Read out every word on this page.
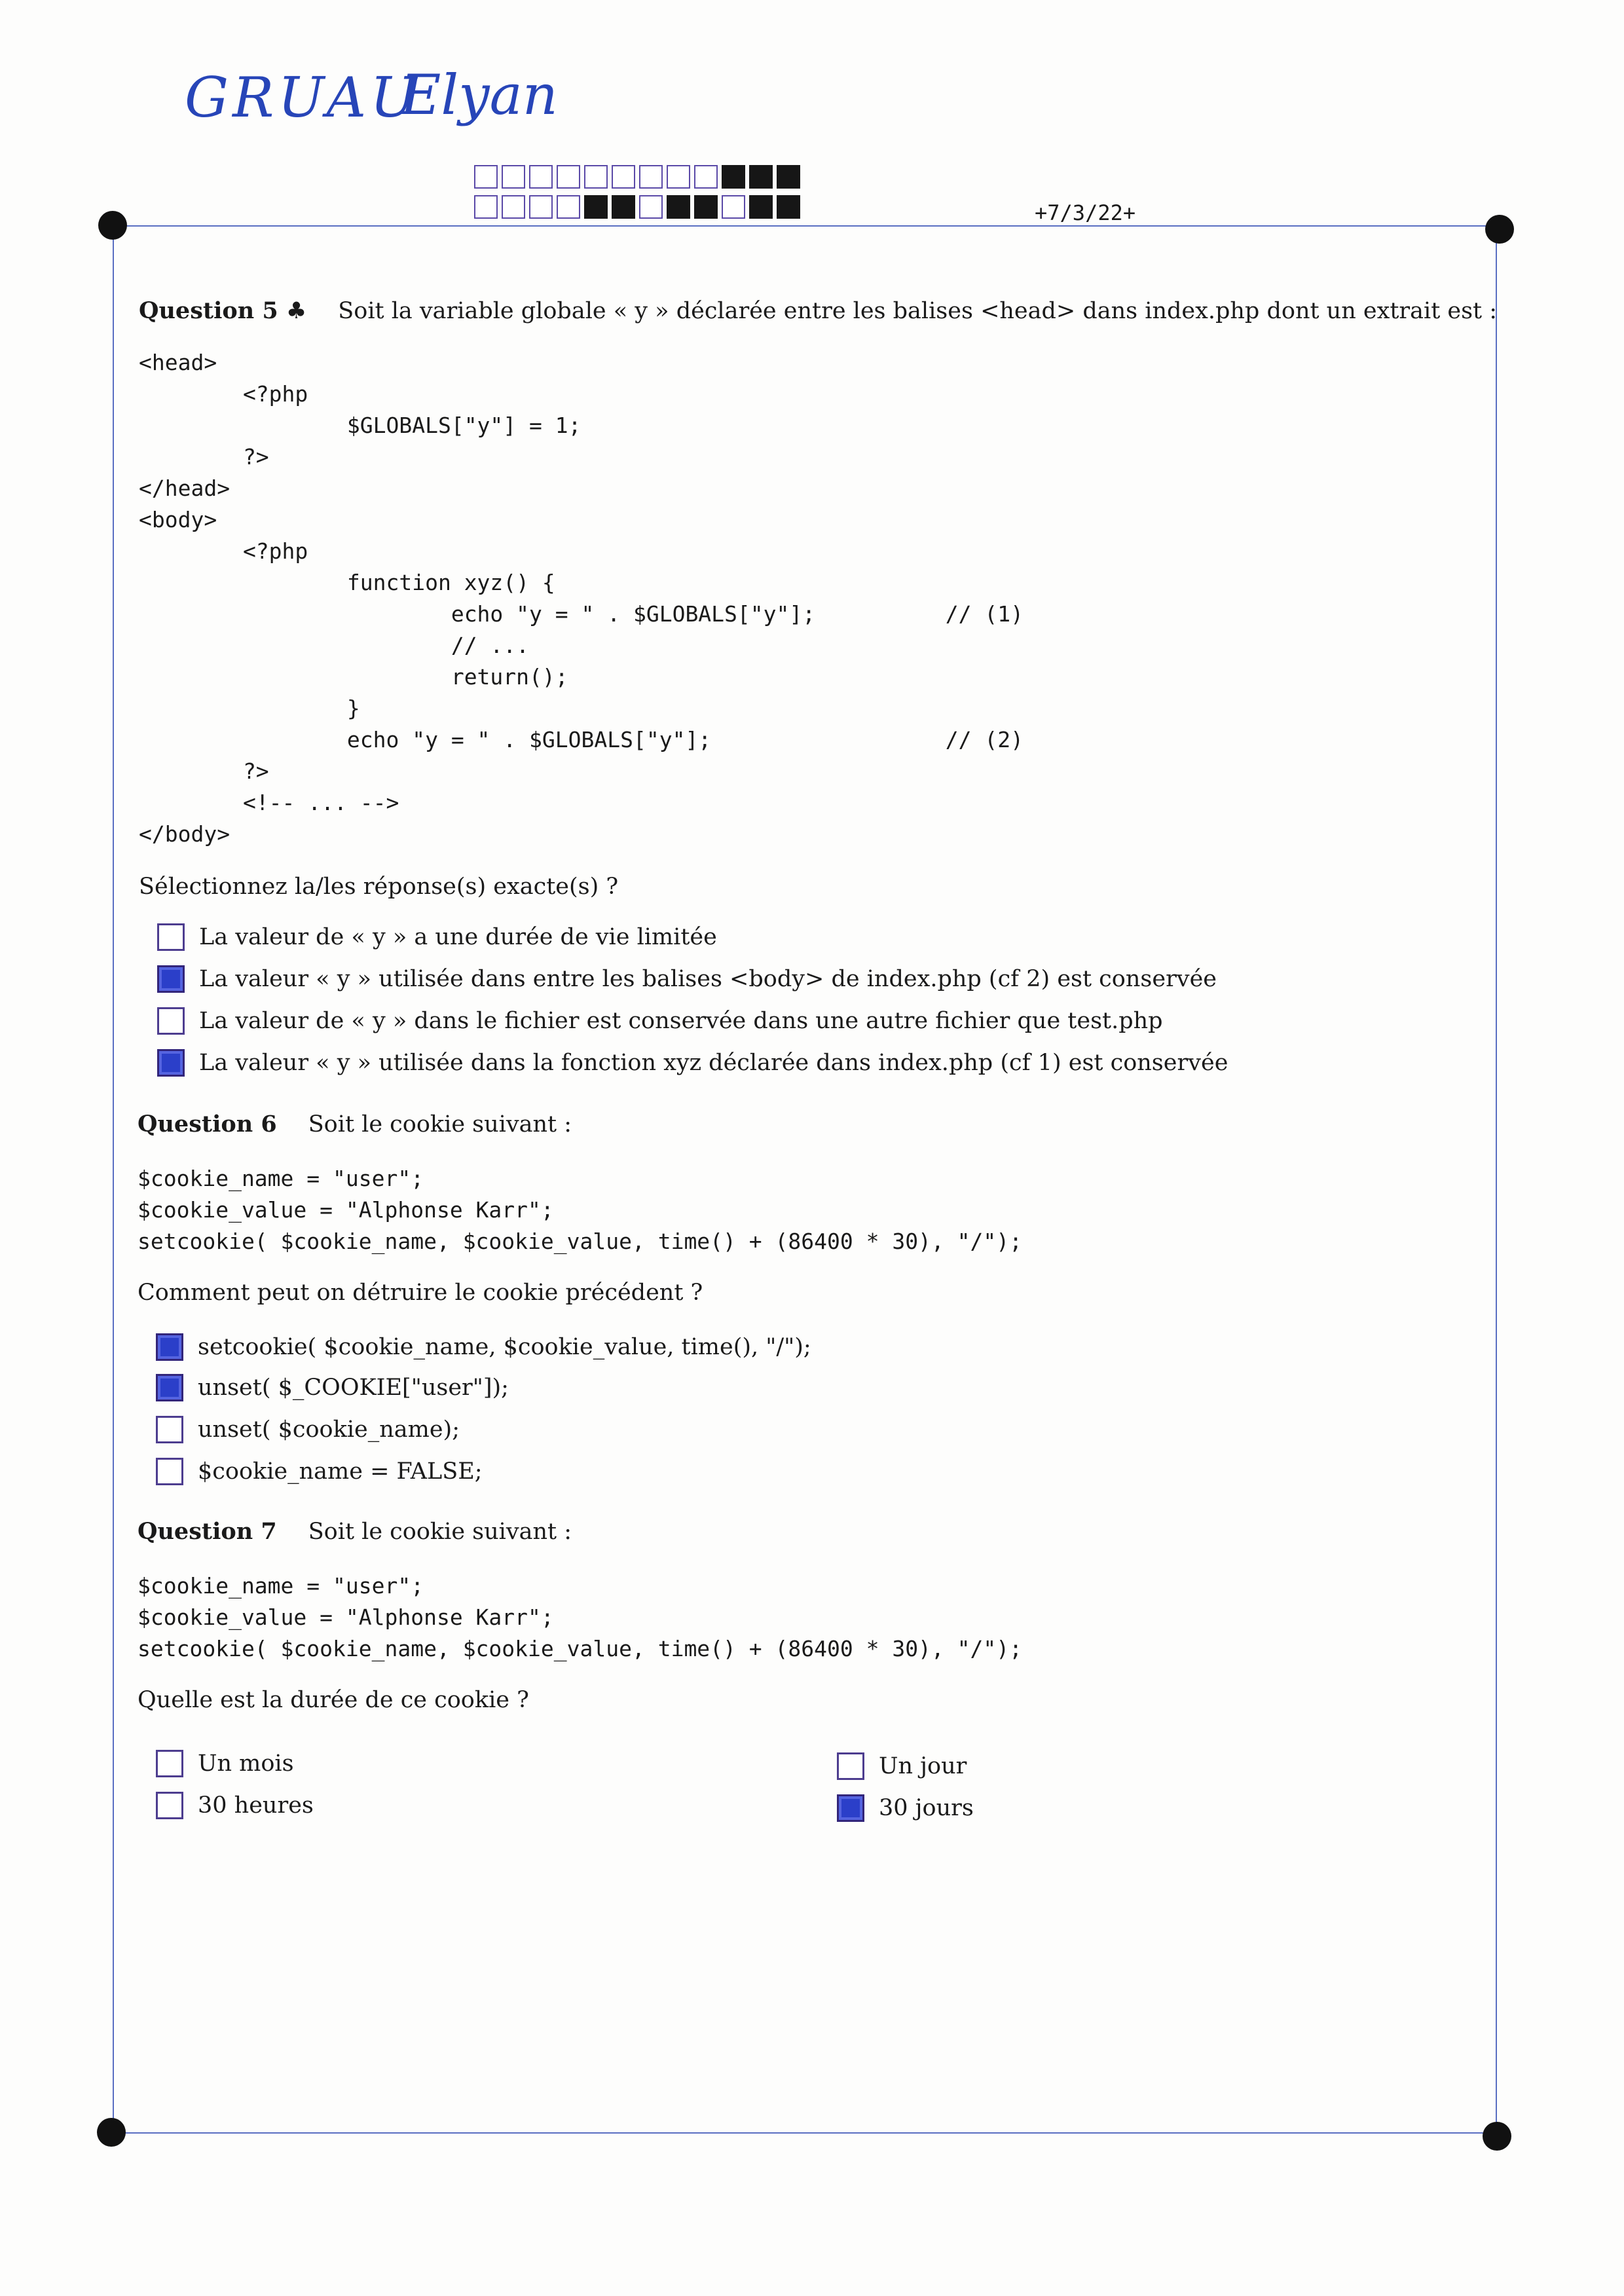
GRUAU
Elyan
+7/3/22+
Question 5 ♣ Soit la variable globale « y » déclarée entre les balises <head> dans index.php dont un extrait est :
<head>
<?php
$GLOBALS["y"] = 1;
?>
</head>
<body>
<?php
function xyz() {
echo "y = " . $GLOBALS["y"];          // (1)
// ...
return();
}
echo "y = " . $GLOBALS["y"];                  // (2)
?>
<!-- ... -->
</body>
Sélectionnez la/les réponse(s) exacte(s) ?
La valeur de « y » a une durée de vie limitée
La valeur « y » utilisée dans entre les balises <body> de index.php (cf 2) est conservée
La valeur de « y » dans le fichier est conservée dans une autre fichier que test.php
La valeur « y » utilisée dans la fonction xyz déclarée dans index.php (cf 1) est conservée
Question 6 Soit le cookie suivant :
$cookie_name = "user";
$cookie_value = "Alphonse Karr";
setcookie( $cookie_name, $cookie_value, time() + (86400 * 30), "/");
Comment peut on détruire le cookie précédent ?
setcookie( $cookie_name, $cookie_value, time(), "/");
unset( $_COOKIE["user"]);
unset( $cookie_name);
$cookie_name = FALSE;
Question 7 Soit le cookie suivant :
$cookie_name = "user";
$cookie_value = "Alphonse Karr";
setcookie( $cookie_name, $cookie_value, time() + (86400 * 30), "/");
Quelle est la durée de ce cookie ?
Un mois
30 heures
Un jour
30 jours
